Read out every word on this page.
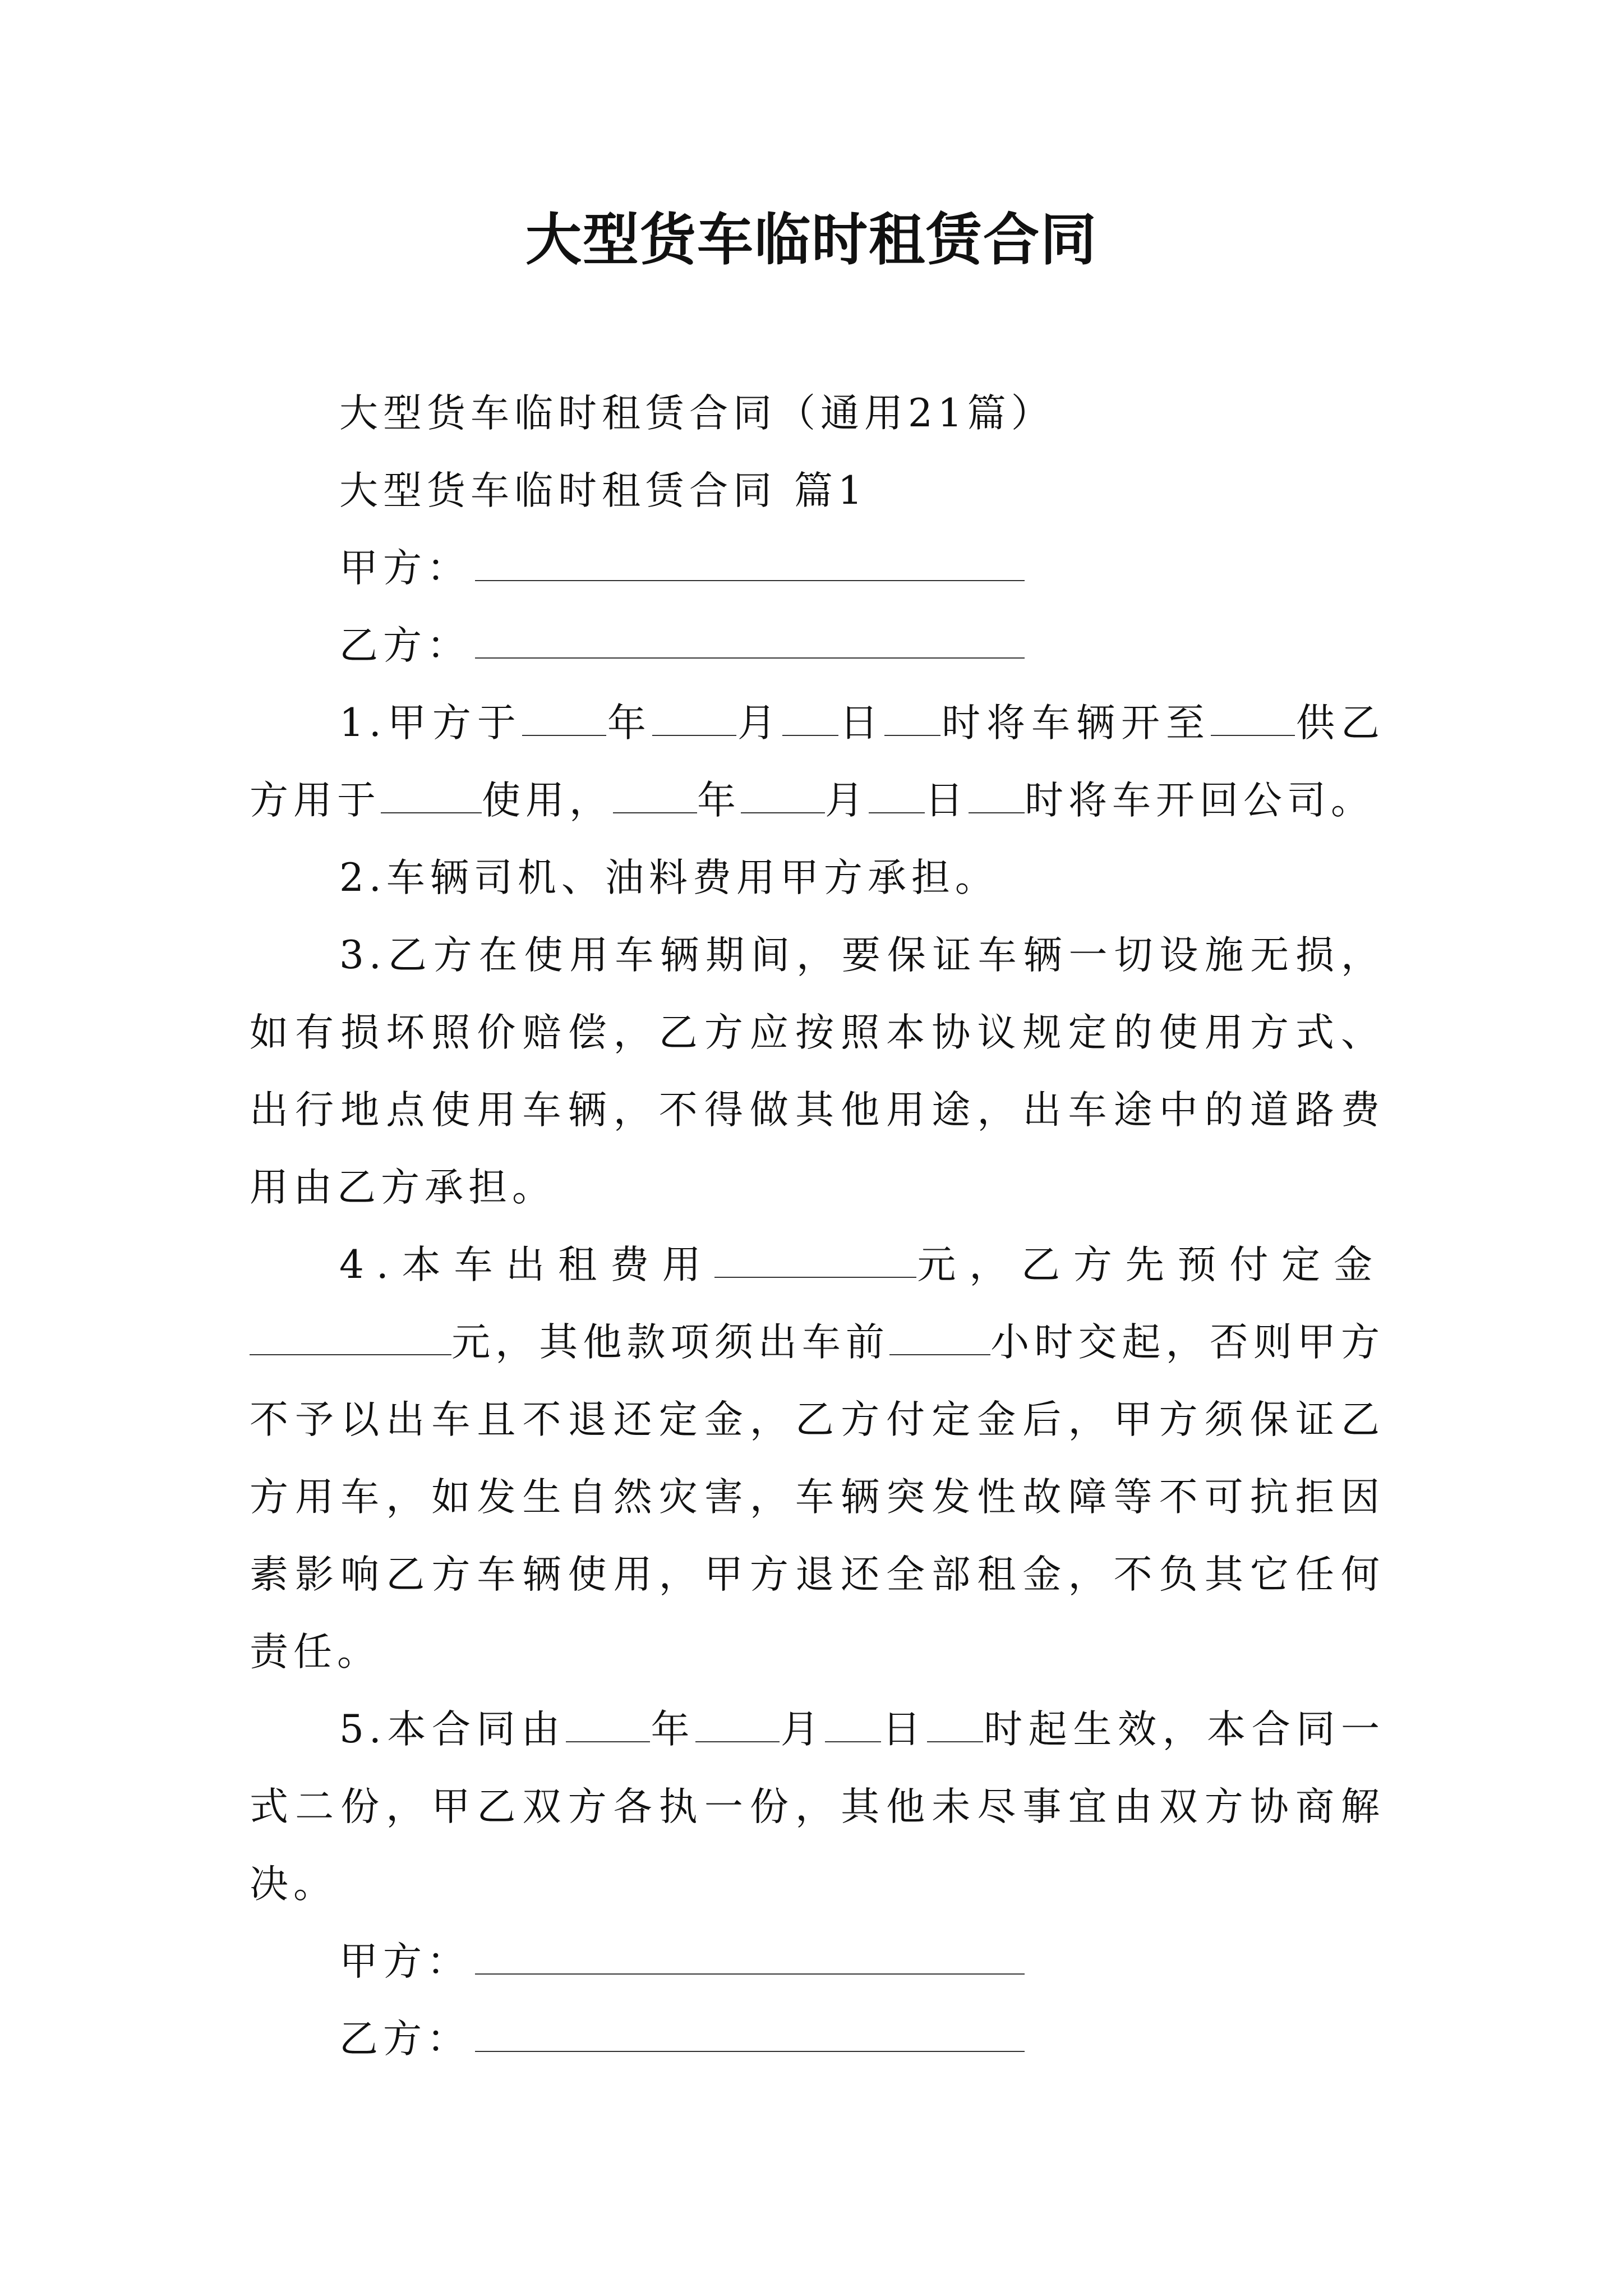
大型货车临时租赁合同
大型货车临时租赁合同（通用21篇）
大型货车临时租赁合同 篇1
甲方：
乙方：
1.甲方于 年 月 日 时将车辆开至 供乙方用于	使用， 年 月 日 时将车开回公司。
2.车辆司机、油料费用甲方承担。
3.乙方在使用车辆期间，要保证车辆一切设施无损，如有损坏照价赔偿，乙方应按照本协议规定的使用方式、出行地点使用车辆，不得做其他用途，出车途中的道路费用由乙方承担。
4.本车出租费用	元，乙方先预付定金元，其他款项须出车前	小时交起，否则甲方不予以出车且不退还定金，乙方付定金后，甲方须保证乙方用车，如发生自然灾害，车辆突发性故障等不可抗拒因素影响乙方车辆使用，甲方退还全部租金，不负其它任何责任。
5.本合同由 年 月 日 时起生效，本合同一式二份，甲乙双方各执一份，其他未尽事宜由双方协商解决。
甲方：
乙方：
